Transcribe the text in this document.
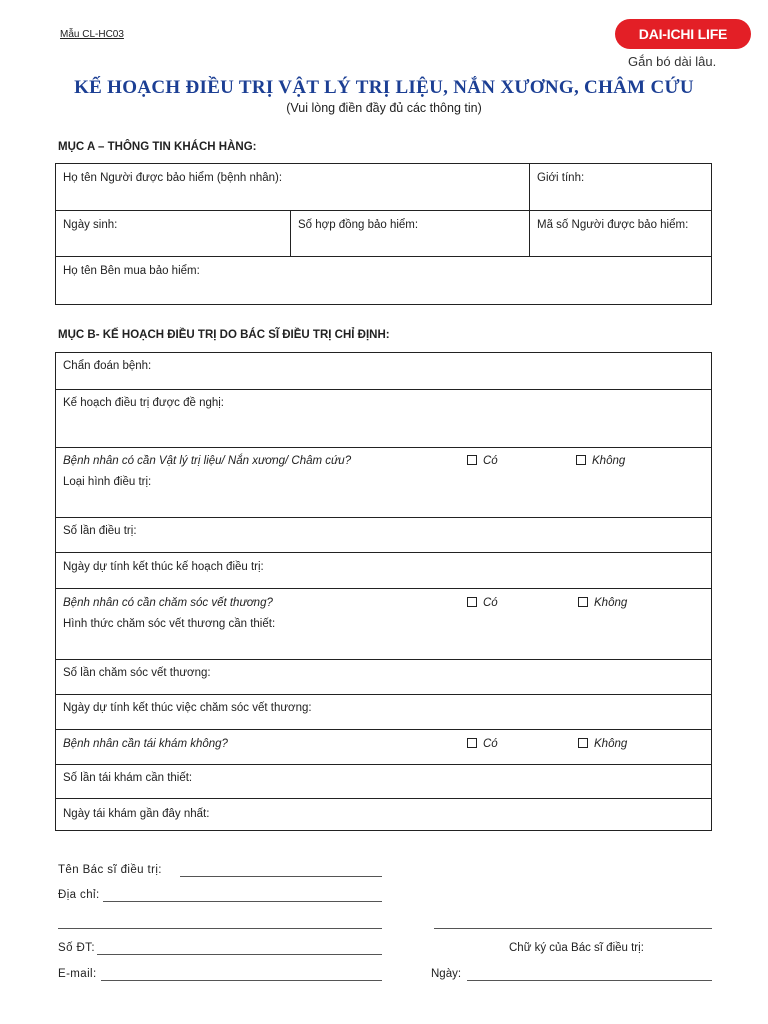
Mẫu CL-HC03	DAI-ICHI LIFE
Gắn bó dài lâu.
KẾ HOẠCH ĐIỀU TRỊ VẬT LÝ TRỊ LIỆU, NẮN XƯƠNG, CHÂM CỨU
(Vui lòng điền đầy đủ các thông tin)
MỤC A – THÔNG TIN KHÁCH HÀNG:
Họ tên Người được bảo hiểm (bệnh nhân):	Giới tính:
Ngày sinh:	Số hợp đồng bảo hiểm:	Mã số Người được bảo hiểm:
Họ tên Bên mua bảo hiểm:
MỤC B- KẾ HOẠCH ĐIỀU TRỊ DO BÁC SĨ ĐIỀU TRỊ CHỈ ĐỊNH:
Chẩn đoán bệnh:
Kế hoạch điều trị được đề nghị:
Bệnh nhân có cần Vật lý trị liệu/ Nắn xương/ Châm cứu?	Có	Không
Loại hình điều trị:
Số lần điều trị:
Ngày dự tính kết thúc kế hoạch điều trị:
Bệnh nhân có cần chăm sóc vết thương?	Có	Không
Hình thức chăm sóc vết thương cần thiết:
Số lần chăm sóc vết thương:
Ngày dự tính kết thúc việc chăm sóc vết thương:
Bệnh nhân cần tái khám không?	Có	Không
Số lần tái khám cần thiết:
Ngày tái khám gần đây nhất:
Tên Bác sĩ điều trị:
Địa chỉ:
Số ĐT:	Chữ ký của Bác sĩ điều trị:
E-mail:	Ngày:
